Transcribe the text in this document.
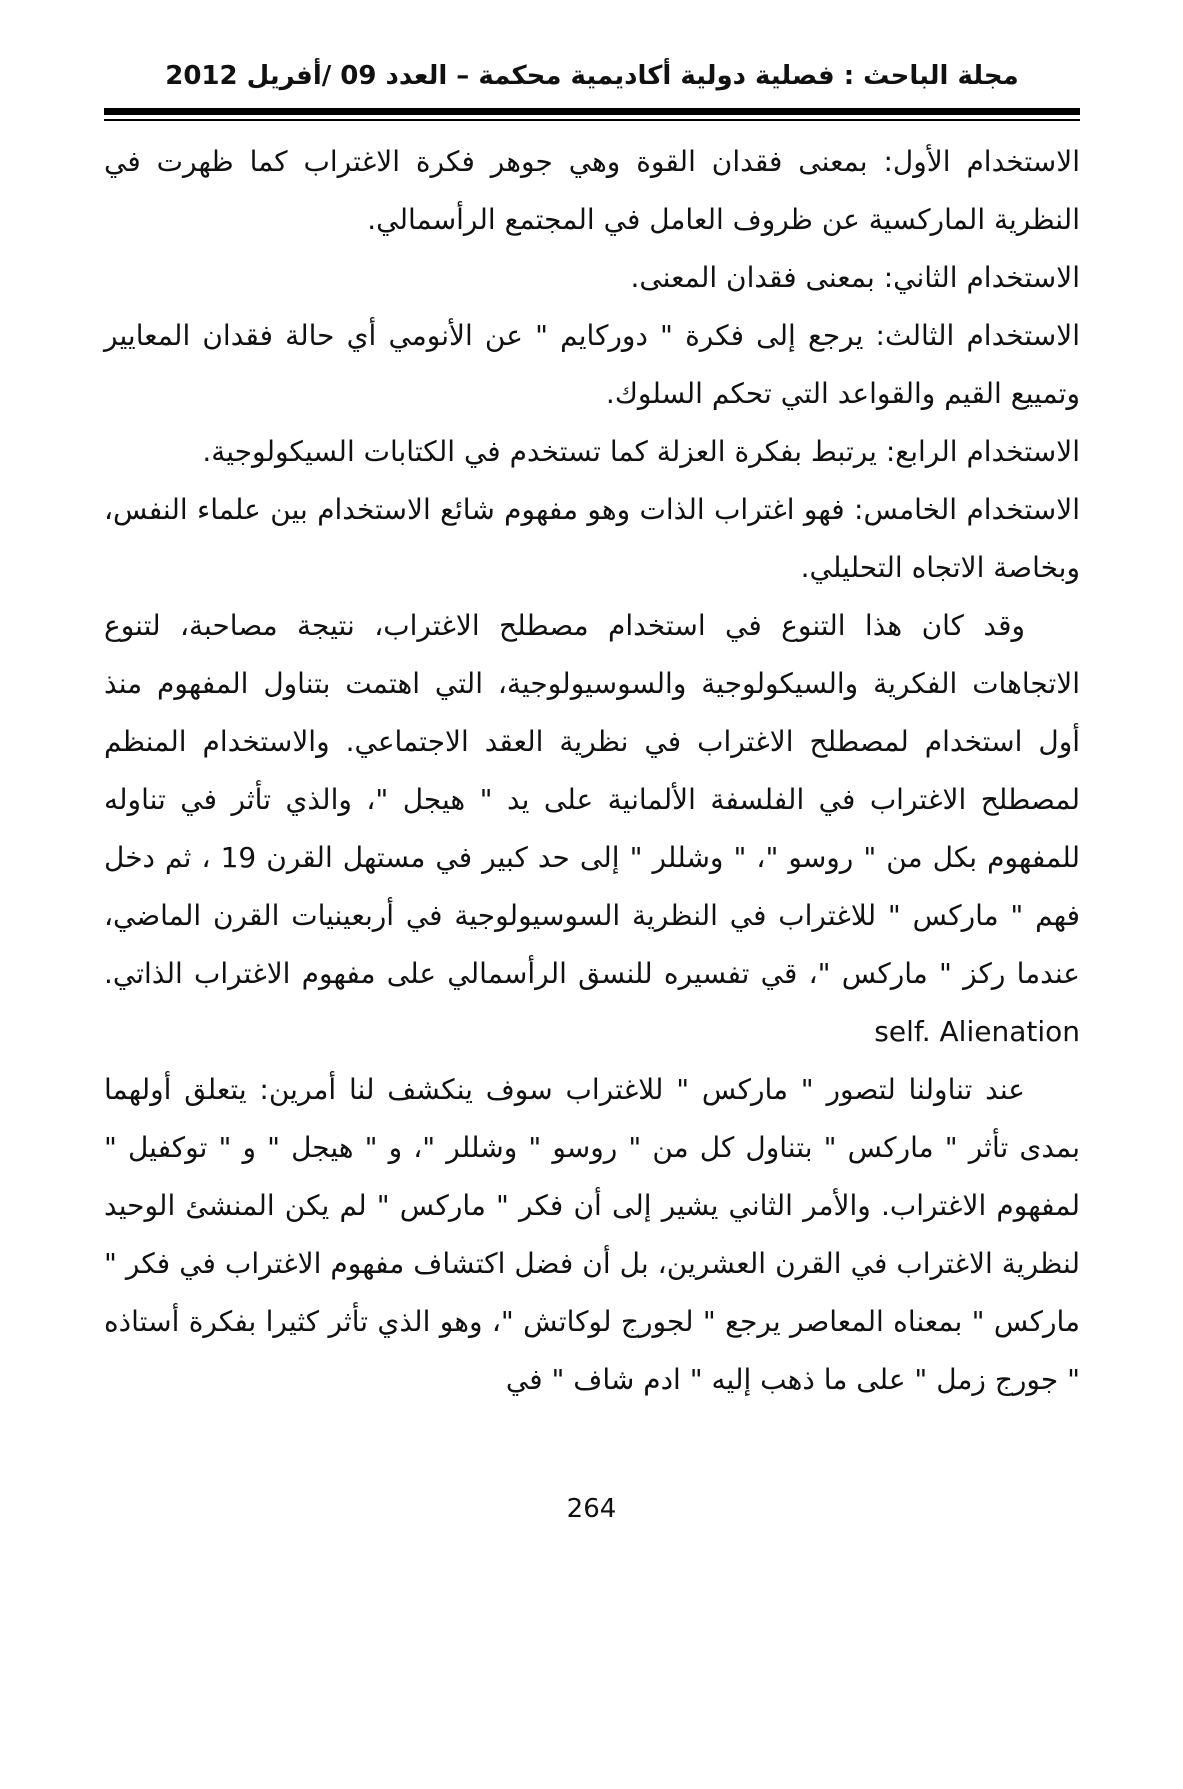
مجلة الباحث : فصلية دولية أكاديمية محكمة – العدد 09 /أفريل 2012

الاستخدام الأول: بمعنى فقدان القوة وهي جوهر فكرة الاغتراب كما ظهرت في النظرية الماركسية عن ظروف العامل في المجتمع الرأسمالي.

الاستخدام الثاني: بمعنى فقدان المعنى.

الاستخدام الثالث: يرجع إلى فكرة " دوركايم " عن الأنومي أي حالة فقدان المعايير وتمييع القيم والقواعد التي تحكم السلوك.

الاستخدام الرابع: يرتبط بفكرة العزلة كما تستخدم في الكتابات السيكولوجية.

الاستخدام الخامس: فهو اغتراب الذات وهو مفهوم شائع الاستخدام بين علماء النفس، وبخاصة الاتجاه التحليلي.

وقد كان هذا التنوع في استخدام مصطلح الاغتراب، نتيجة مصاحبة، لتنوع الاتجاهات الفكرية والسيكولوجية والسوسيولوجية، التي اهتمت بتناول المفهوم منذ أول استخدام لمصطلح الاغتراب في نظرية العقد الاجتماعي. والاستخدام المنظم لمصطلح الاغتراب في الفلسفة الألمانية على يد " هيجل "، والذي تأثر في تناوله للمفهوم بكل من " روسو "، " وشللر " إلى حد كبير في مستهل القرن 19 ، ثم دخل فهم " ماركس " للاغتراب في النظرية السوسيولوجية في أربعينيات القرن الماضي، عندما ركز " ماركس "، قي تفسيره للنسق الرأسمالي على مفهوم الاغتراب الذاتي. self. Alienation

عند تناولنا لتصور " ماركس " للاغتراب سوف ينكشف لنا أمرين: يتعلق أولهما بمدى تأثر " ماركس " بتناول كل من " روسو " وشللر "، و " هيجل " و " توكفيل " لمفهوم الاغتراب. والأمر الثاني يشير إلى أن فكر " ماركس " لم يكن المنشئ الوحيد لنظرية الاغتراب في القرن العشرين، بل أن فضل اكتشاف مفهوم الاغتراب في فكر " ماركس " بمعناه المعاصر يرجع " لجورج لوكاتش "، وهو الذي تأثر كثيرا بفكرة أستاذه " جورج زمل " على ما ذهب إليه " ادم شاف " في

264
